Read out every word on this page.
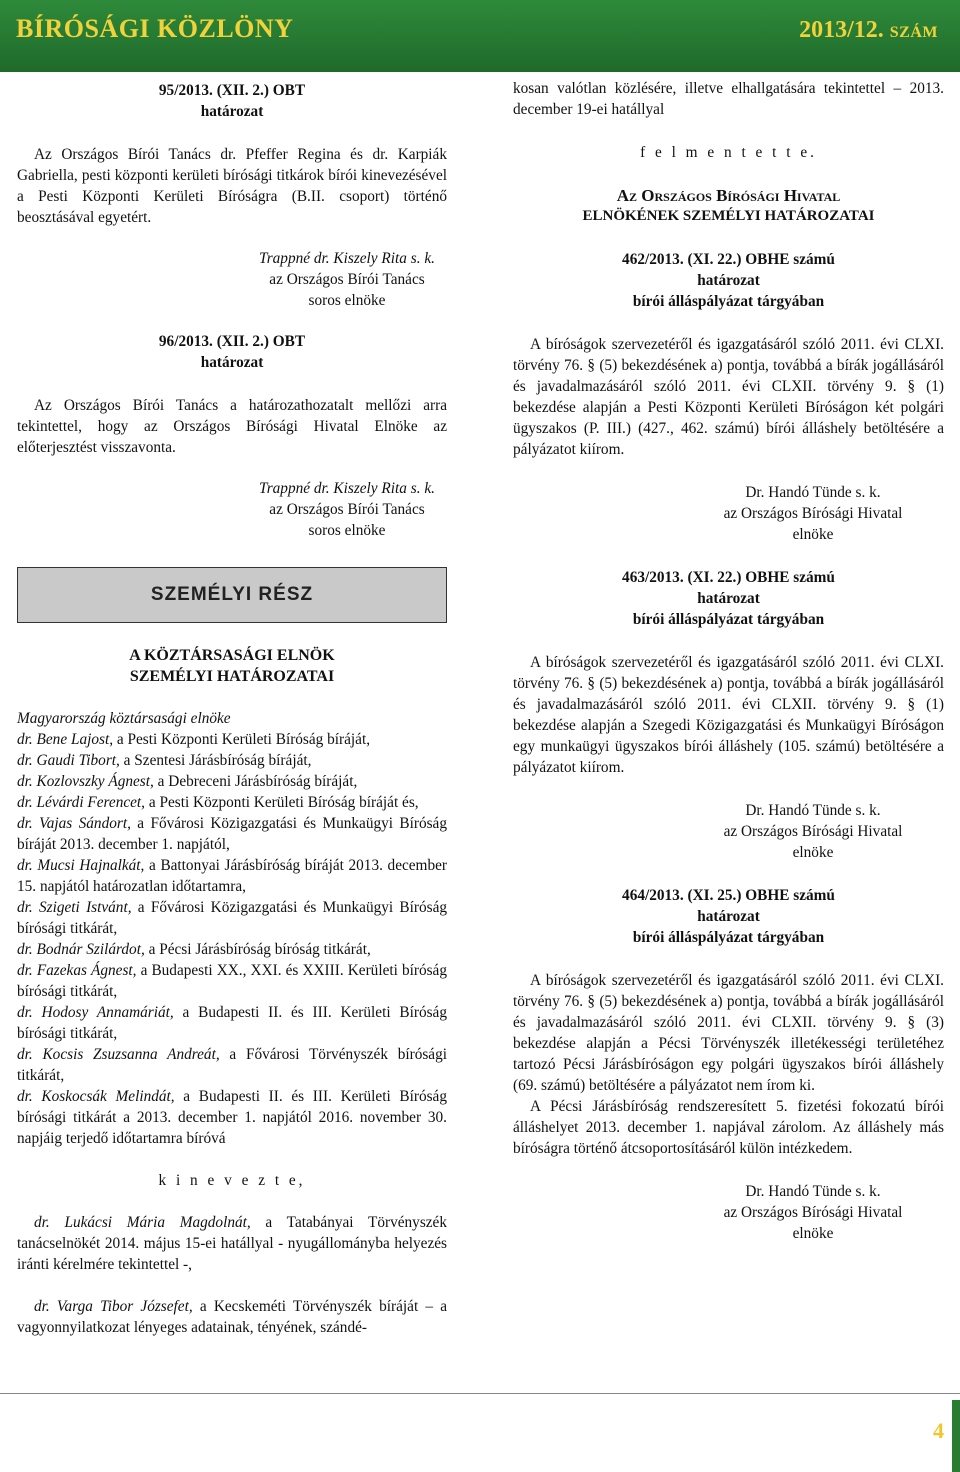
BÍRÓSÁGI KÖZLÖNY	2013/12. SZÁM

95/2013. (XII. 2.) OBT

határozat

Az Országos Bírói Tanács dr. Pfeffer Regina és dr. Karpiák Gabriella, pesti központi kerületi bírósági titkárok bírói kinevezésével a Pesti Központi Kerületi Bíróságra (B.II. csoport) történő beosztásával egyetért.

Trappné dr. Kiszely Rita s. k.

az Országos Bírói Tanács

soros elnöke

96/2013. (XII. 2.) OBT

határozat

Az Országos Bírói Tanács a határozathozatalt mellőzi arra tekintettel, hogy az Országos Bírósági Hivatal Elnöke az előterjesztést visszavonta.

Trappné dr. Kiszely Rita s. k.

az Országos Bírói Tanács

soros elnöke

SZEMÉLYI RÉSZ

A KÖZTÁRSASÁGI ELNÖK

SZEMÉLYI HATÁROZATAI

Magyarország köztársasági elnöke

dr. Bene Lajost, a Pesti Központi Kerületi Bíróság bíráját,

dr. Gaudi Tibort, a Szentesi Járásbíróság bíráját,

dr. Kozlovszky Ágnest, a Debreceni Járásbíróság bíráját,

dr. Lévárdi Ferencet, a Pesti Központi Kerületi Bíróság bíráját és,

dr. Vajas Sándort, a Fővárosi Közigazgatási és Munkaügyi Bíróság bíráját 2013. december 1. napjától,

dr. Mucsi Hajnalkát, a Battonyai Járásbíróság bíráját 2013. december 15. napjától határozatlan időtartamra,

dr. Szigeti Istvánt, a Fővárosi Közigazgatási és Munkaügyi Bíróság bírósági titkárát,

dr. Bodnár Szilárdot, a Pécsi Járásbíróság bíróság titkárát,

dr. Fazekas Ágnest, a Budapesti XX., XXI. és XXIII. Kerületi bíróság bírósági titkárát,

dr. Hodosy Annamáriát, a Budapesti II. és III. Kerületi Bíróság bírósági titkárát,

dr. Kocsis Zsuzsanna Andreát, a Fővárosi Törvényszék bírósági titkárát,

dr. Koskocsák Melindát, a Budapesti II. és III. Kerületi Bíróság bírósági titkárát a 2013. december 1. napjától 2016. november 30. napjáig terjedő időtartamra bíróvá

k i n e v e z t e,

dr. Lukácsi Mária Magdolnát, a Tatabányai Törvényszék tanácselnökét 2014. május 15-ei hatállyal - nyugállományba helyezés iránti kérelmére tekintettel -,

dr. Varga Tibor Józsefet, a Kecskeméti Törvényszék bíráját – a vagyonnyilatkozat lényeges adatainak, tényének, szándé-

kosan valótlan közlésére, illetve elhallgatására tekintettel – 2013. december 19-ei hatállyal

f e l m e n t e t t e.

Az Országos Bírósági Hivatal

ELNÖKÉNEK SZEMÉLYI HATÁROZATAI

462/2013. (XI. 22.) OBHE számú

határozat

bírói álláspályázat tárgyában

A bíróságok szervezetéről és igazgatásáról szóló 2011. évi CLXI. törvény 76. § (5) bekezdésének a) pontja, továbbá a bírák jogállásáról és javadalmazásáról szóló 2011. évi CLXII. törvény 9. § (1) bekezdése alapján a Pesti Központi Kerületi Bíróságon két polgári ügyszakos (P. III.) (427., 462. számú) bírói álláshely betöltésére a pályázatot kiírom.

Dr. Handó Tünde s. k.

az Országos Bírósági Hivatal

elnöke

463/2013. (XI. 22.) OBHE számú

határozat

bírói álláspályázat tárgyában

A bíróságok szervezetéről és igazgatásáról szóló 2011. évi CLXI. törvény 76. § (5) bekezdésének a) pontja, továbbá a bírák jogállásáról és javadalmazásáról szóló 2011. évi CLXII. törvény 9. § (1) bekezdése alapján a Szegedi Közigazgatási és Munkaügyi Bíróságon egy munkaügyi ügyszakos bírói álláshely (105. számú) betöltésére a pályázatot kiírom.

Dr. Handó Tünde s. k.

az Országos Bírósági Hivatal

elnöke

464/2013. (XI. 25.) OBHE számú

határozat

bírói álláspályázat tárgyában

A bíróságok szervezetéről és igazgatásáról szóló 2011. évi CLXI. törvény 76. § (5) bekezdésének a) pontja, továbbá a bírák jogállásáról és javadalmazásáról szóló 2011. évi CLXII. törvény 9. § (3) bekezdése alapján a Pécsi Törvényszék illetékességi területéhez tartozó Pécsi Járásbíróságon egy polgári ügyszakos bírói álláshely (69. számú) betöltésére a pályázatot nem írom ki.

A Pécsi Járásbíróság rendszeresített 5. fizetési fokozatú bírói álláshelyet 2013. december 1. napjával zárolom. Az álláshely más bíróságra történő átcsoportosításáról külön intézkedem.

Dr. Handó Tünde s. k.

az Országos Bírósági Hivatal

elnöke

4
